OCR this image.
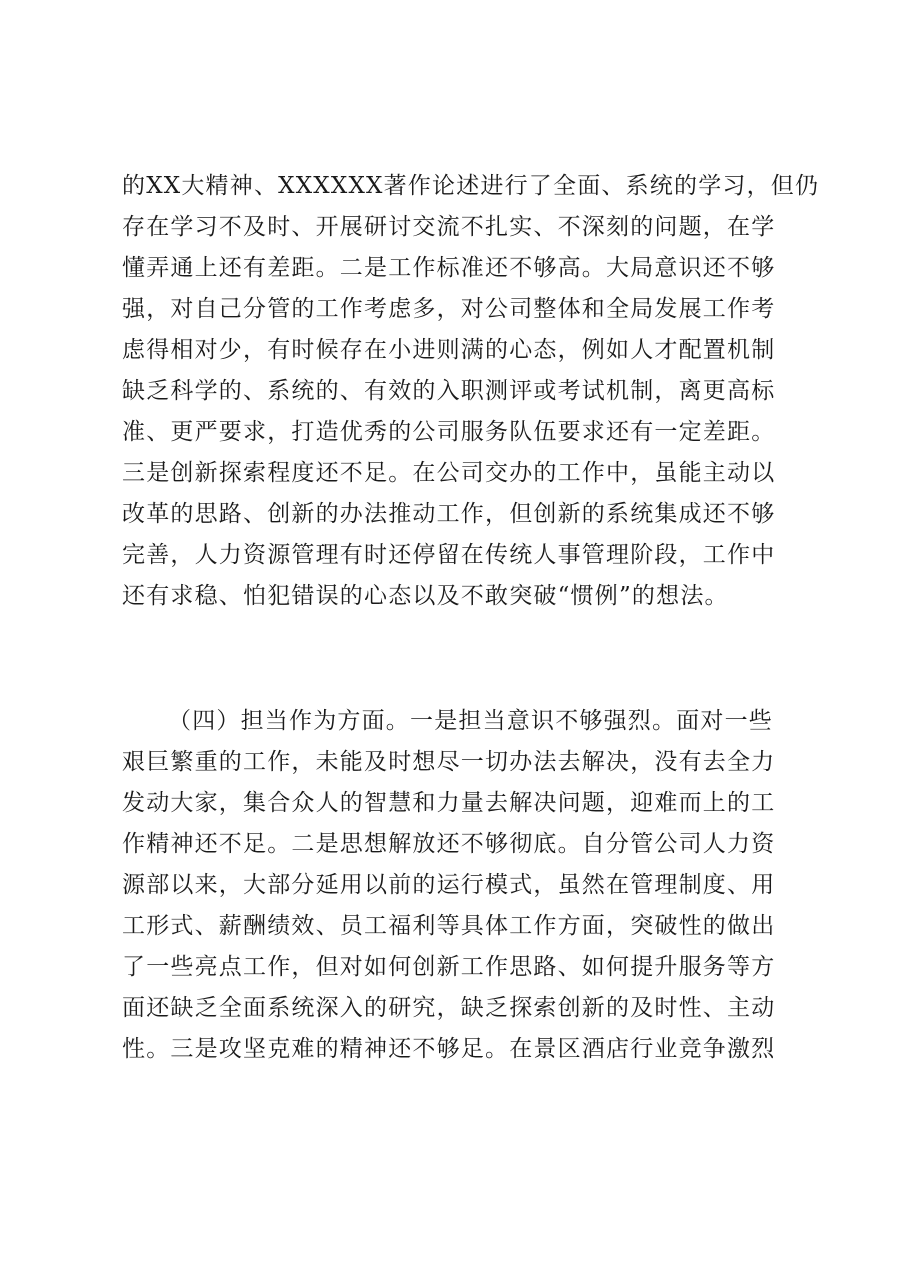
的XX大精神、XXXXXX著作论述进行了全面、系统的学习，但仍
存在学习不及时、开展研讨交流不扎实、不深刻的问题，在学
懂弄通上还有差距。二是工作标准还不够高。大局意识还不够
强，对自己分管的工作考虑多，对公司整体和全局发展工作考
虑得相对少，有时候存在小进则满的心态，例如人才配置机制
缺乏科学的、系统的、有效的入职测评或考试机制，离更高标
准、更严要求，打造优秀的公司服务队伍要求还有一定差距。
三是创新探索程度还不足。在公司交办的工作中，虽能主动以
改革的思路、创新的办法推动工作，但创新的系统集成还不够
完善，人力资源管理有时还停留在传统人事管理阶段，工作中
还有求稳、怕犯错误的心态以及不敢突破“惯例”的想法。
（四）担当作为方面。一是担当意识不够强烈。面对一些
艰巨繁重的工作，未能及时想尽一切办法去解决，没有去全力
发动大家，集合众人的智慧和力量去解决问题，迎难而上的工
作精神还不足。二是思想解放还不够彻底。自分管公司人力资
源部以来，大部分延用以前的运行模式，虽然在管理制度、用
工形式、薪酬绩效、员工福利等具体工作方面，突破性的做出
了一些亮点工作，但对如何创新工作思路、如何提升服务等方
面还缺乏全面系统深入的研究，缺乏探索创新的及时性、主动
性。三是攻坚克难的精神还不够足。在景区酒店行业竞争激烈
